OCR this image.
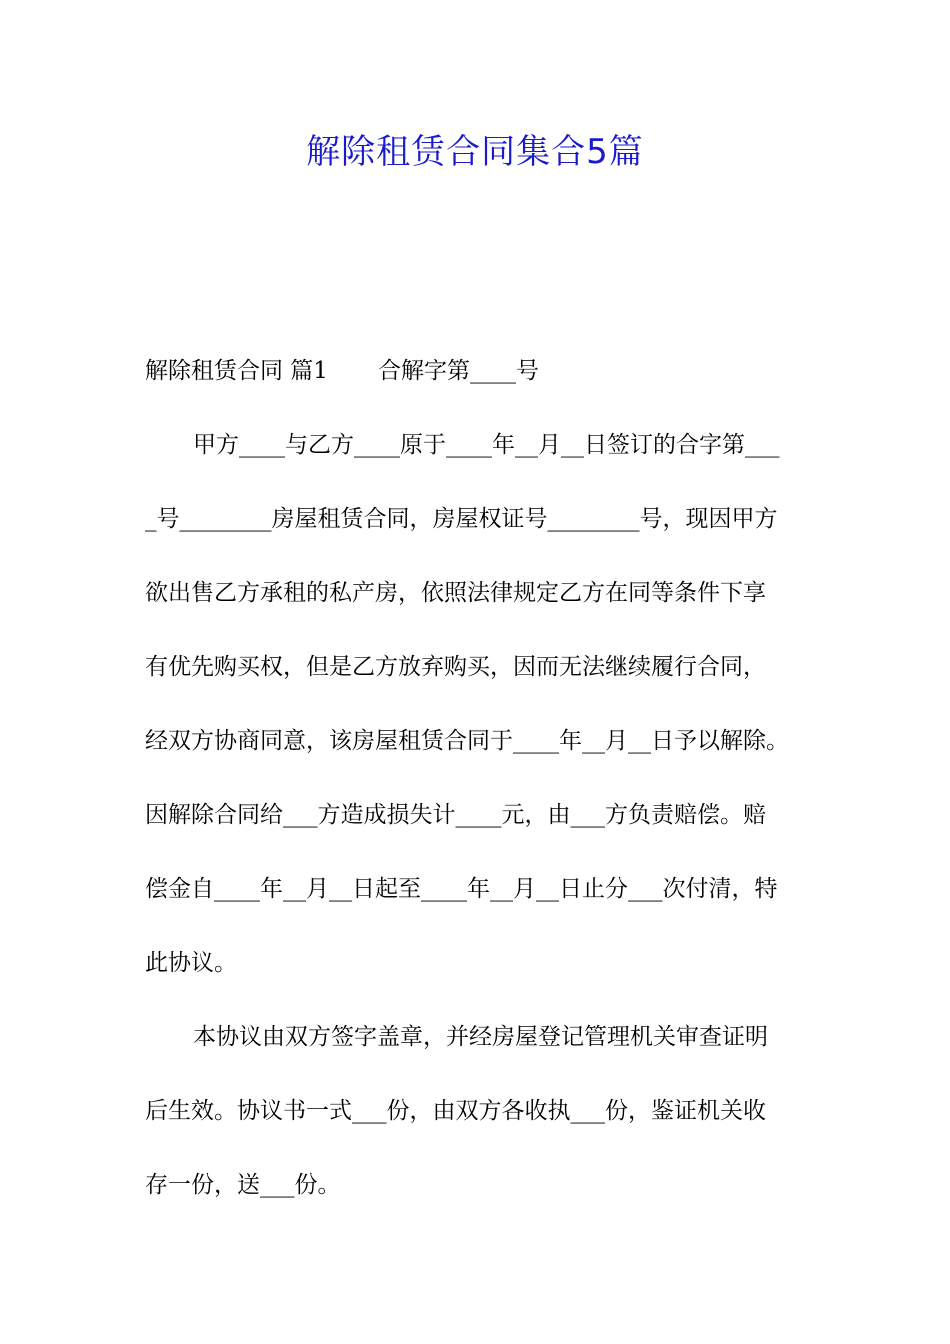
解除租赁合同集合5篇
解除租赁合同 篇1 合解字第____号
甲方____与乙方____原于____年__月__日签订的合字第___
_号________房屋租赁合同，房屋权证号________号，现因甲方
欲出售乙方承租的私产房，依照法律规定乙方在同等条件下享
有优先购买权，但是乙方放弃购买，因而无法继续履行合同，
经双方协商同意，该房屋租赁合同于____年__月__日予以解除。
因解除合同给___方造成损失计____元，由___方负责赔偿。赔
偿金自____年__月__日起至____年__月__日止分___次付清，特
此协议。
本协议由双方签字盖章，并经房屋登记管理机关审查证明
后生效。协议书一式___份，由双方各收执___份，鉴证机关收
存一份，送___份。
